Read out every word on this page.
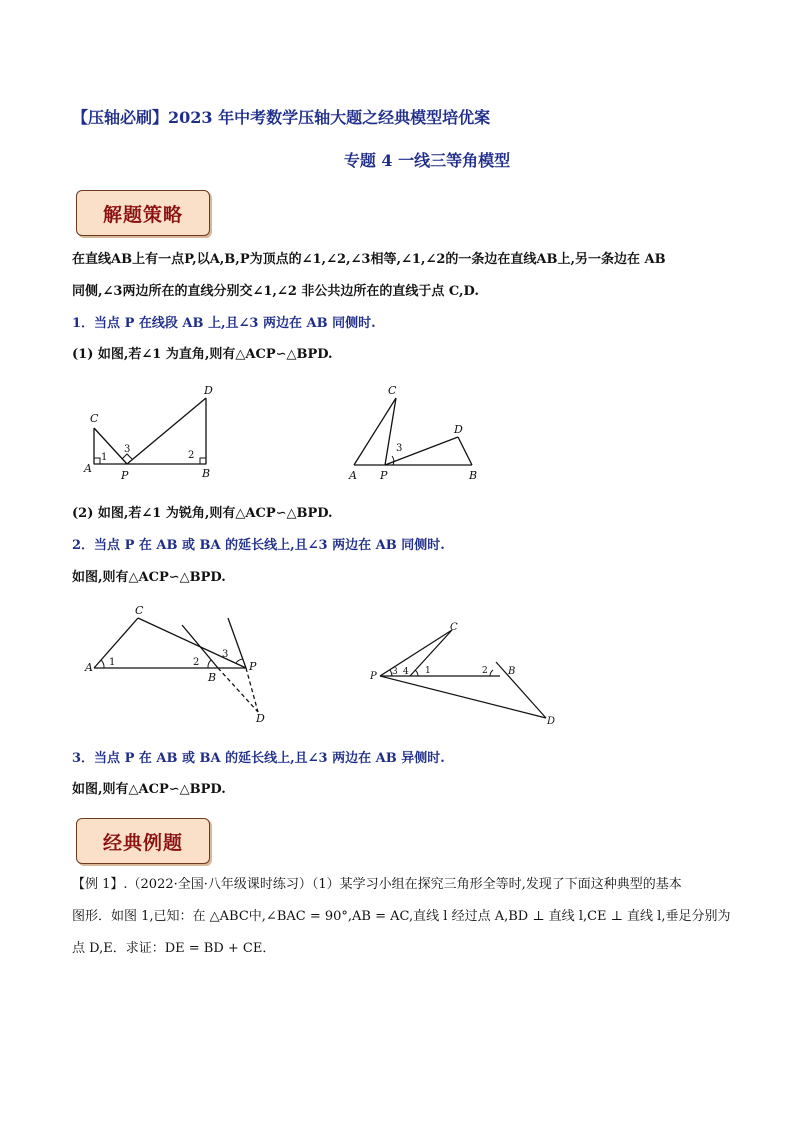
【压轴必刷】2023 年中考数学压轴大题之经典模型培优案
专题 4 一线三等角模型
解题策略
在直线AB上有一点P,以A,B,P为顶点的∠1,∠2,∠3相等,∠1,∠2的一条边在直线AB上,另一条边在 AB
同侧,∠3两边所在的直线分别交∠1,∠2 非公共边所在的直线于点 C,D.
1．当点 P 在线段 AB 上,且∠3 两边在 AB 同侧时.
(1) 如图,若∠1 为直角,则有△ACP∽△BPD.
C
A
P	B
D
1	2
3
C
A P	B
D
3
(2) 如图,若∠1 为锐角,则有△ACP∽△BPD.
2．当点 P 在 AB 或 BA 的延长线上,且∠3 两边在 AB 同侧时.
如图,则有△ACP∽△BPD.
C
A
B
P
D
1	2
3
C
P	B
D
3 4 1	2
3．当点 P 在 AB 或 BA 的延长线上,且∠3 两边在 AB 异侧时.
如图,则有△ACP∽△BPD.
经典例题
【例 1】.（2022·全国·八年级课时练习）（1）某学习小组在探究三角形全等时,发现了下面这种典型的基本
图形．如图 1,已知：在 △ABC中,∠BAC = 90°,AB = AC,直线 l 经过点 A,BD ⊥ 直线 l,CE ⊥ 直线 l,垂足分别为
点 D,E．求证：DE = BD + CE．
